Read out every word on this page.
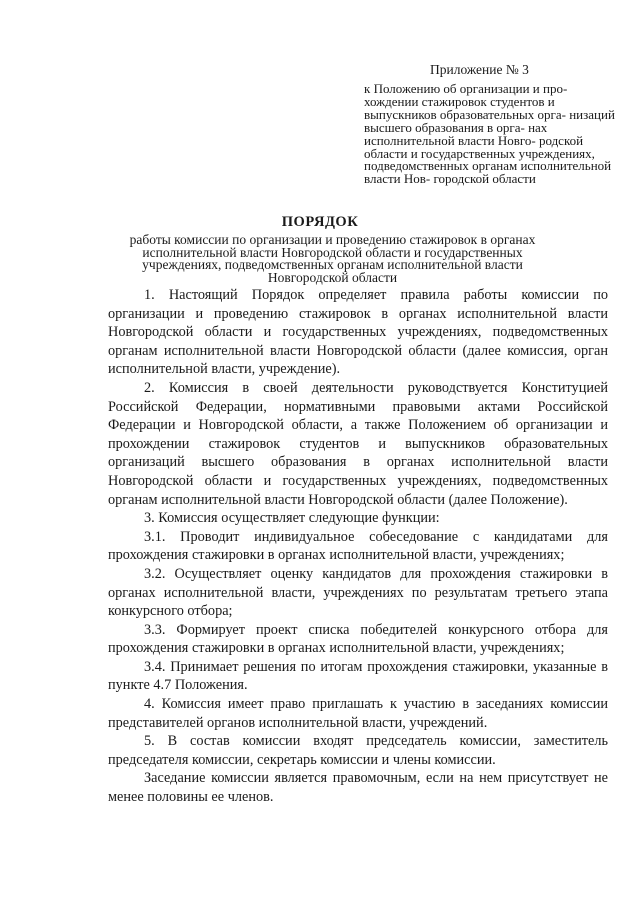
Приложение № 3
к Положению об организации и про- хождении стажировок студентов и выпускников образовательных орга- низаций высшего образования в орга- нах исполнительной власти Новго- родской области и государственных учреждениях, подведомственных органам исполнительной власти Нов- городской области
ПОРЯДОК
работы комиссии по организации и проведению стажировок в органах исполнительной власти Новгородской области и государственных учреждениях, подведомственных органам исполнительной власти Новгородской области

1. Настоящий Порядок определяет правила работы комиссии по организации и проведению стажировок в органах исполнительной власти Новгородской области и государственных учреждениях, подведомственных органам исполнительной власти Новгородской области (далее комиссия, орган исполнительной власти, учреждение).

2. Комиссия в своей деятельности руководствуется Конституцией Российской Федерации, нормативными правовыми актами Российской Федерации и Новгородской области, а также Положением об организации и прохождении стажировок студентов и выпускников образовательных организаций высшего образования в органах исполнительной власти Новгородской области и государственных учреждениях, подведомственных органам исполнительной власти Новгородской области (далее Положение).

3. Комиссия осуществляет следующие функции:

3.1. Проводит индивидуальное собеседование с кандидатами для прохождения стажировки в органах исполнительной власти, учреждениях;

3.2. Осуществляет оценку кандидатов для прохождения стажировки в органах исполнительной власти, учреждениях по результатам третьего этапа конкурсного отбора;

3.3. Формирует проект списка победителей конкурсного отбора для прохождения стажировки в органах исполнительной власти, учреждениях;

3.4. Принимает решения по итогам прохождения стажировки, указанные в пункте 4.7 Положения.

4. Комиссия имеет право приглашать к участию в заседаниях комиссии представителей органов исполнительной власти, учреждений.

5. В состав комиссии входят председатель комиссии, заместитель председателя комиссии, секретарь комиссии и члены комиссии.

Заседание комиссии является правомочным, если на нем присутствует не менее половины ее членов.
